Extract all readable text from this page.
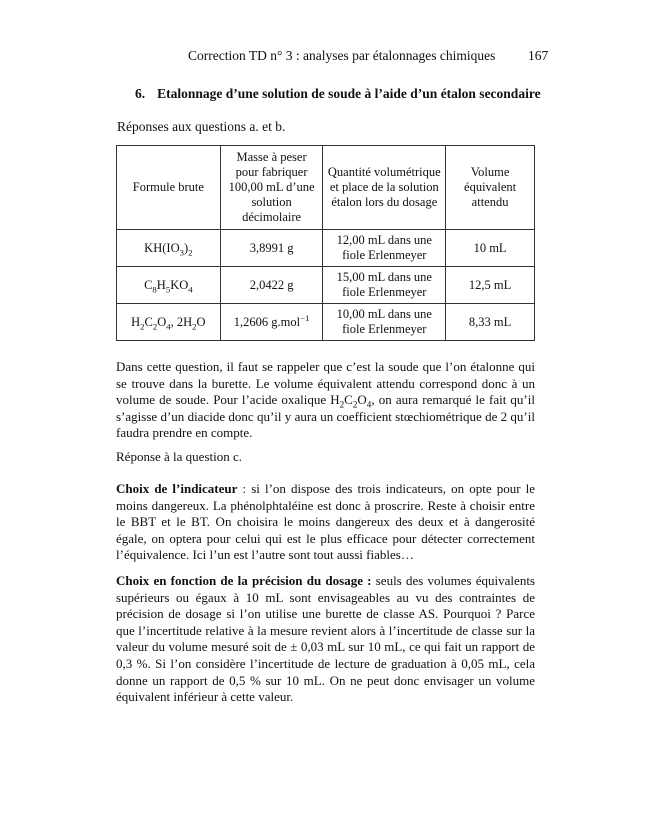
Correction TD n° 3 : analyses par étalonnages chimiques 167
6. Etalonnage d’une solution de soude à l’aide d’un étalon secondaire
Réponses aux questions a. et b.
Formule brute	Masse à peser pour fabriquer 100,00 mL d’une solution décimolaire	Quantité volumétrique et place de la solution étalon lors du dosage	Volume équivalent attendu
$KH(IO_3)_2$	3,8991 g	12,00 mL dans une fiole Erlenmeyer	10 mL
$C_8H_5KO_4$	2,0422 g	15,00 mL dans une fiole Erlenmeyer	12,5 mL
$H_2C_2O_4$, $2H_2O$	1,2606 g.mol$^{-1}$	10,00 mL dans une fiole Erlenmeyer	8,33 mL
Dans cette question, il faut se rappeler que c’est la soude que l’on étalonne qui se trouve dans la burette. Le volume équivalent attendu correspond donc à un volume de soude. Pour l’acide oxalique $H_2C_2O_4$, on aura remarqué le fait qu’il s’agisse d’un diacide donc qu’il y aura un coefficient stœchiométrique de 2 qu’il faudra prendre en compte.
Réponse à la question c.
Choix de l’indicateur : si l’on dispose des trois indicateurs, on opte pour le moins dangereux. La phénolphtaléine est donc à proscrire. Reste à choisir entre le BBT et le BT. On choisira le moins dangereux des deux et à dangerosité égale, on optera pour celui qui est le plus efficace pour détecter correctement l’équivalence. Ici l’un est l’autre sont tout aussi fiables…
Choix en fonction de la précision du dosage : seuls des volumes équivalents supérieurs ou égaux à 10 mL sont envisageables au vu des contraintes de précision de dosage si l’on utilise une burette de classe AS. Pourquoi ? Parce que l’incertitude relative à la mesure revient alors à l’incertitude de classe sur la valeur du volume mesuré soit de ± 0,03 mL sur 10 mL, ce qui fait un rapport de 0,3 %. Si l’on considère l’incertitude de lecture de graduation à 0,05 mL, cela donne un rapport de 0,5 % sur 10 mL. On ne peut donc envisager un volume équivalent inférieur à cette valeur.
